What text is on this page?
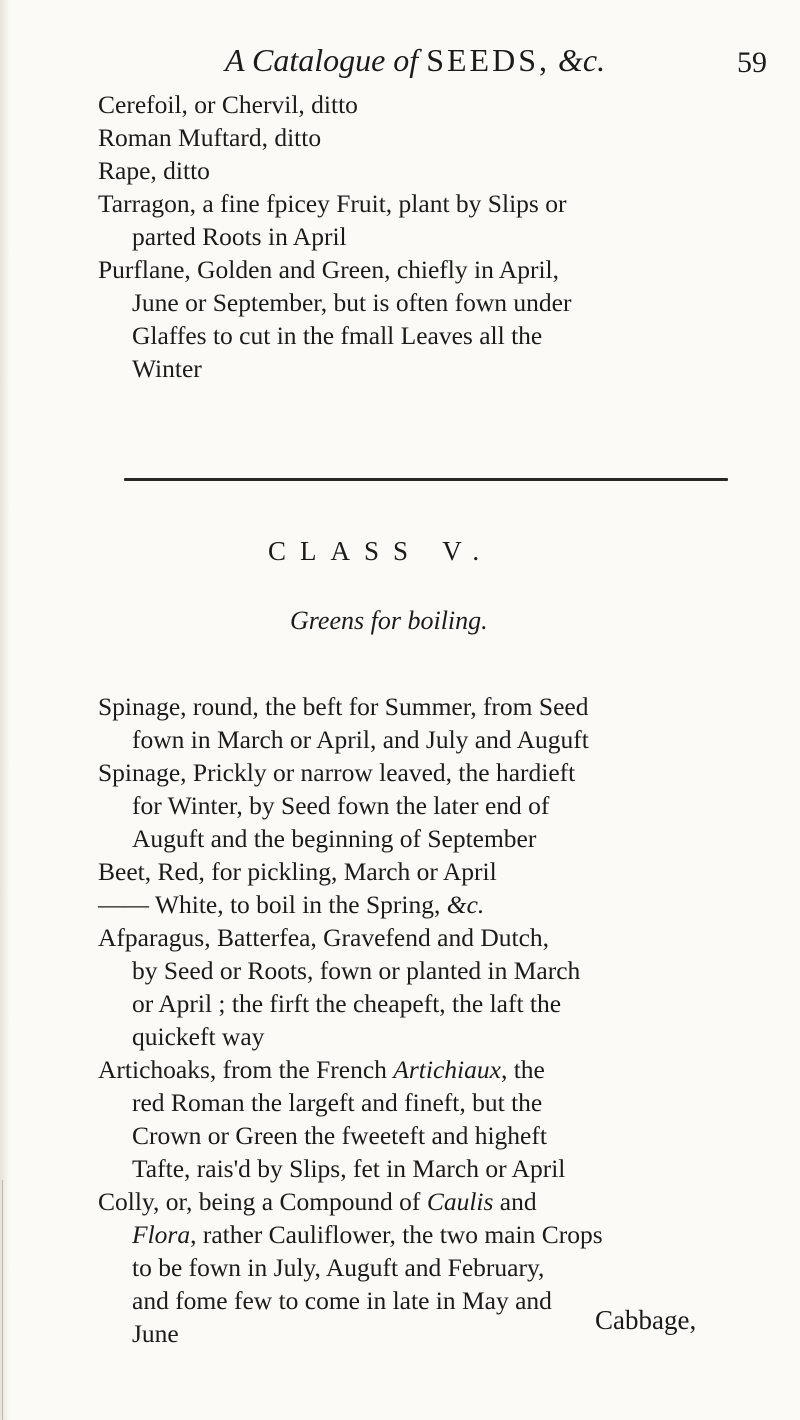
A Catalogue of SEEDS, &c.	59
Cerefoil, or Chervil, ditto
Roman Muftard, ditto
Rape, ditto
Tarragon, a fine fpicey Fruit, plant by Slips or
parted Roots in April
Purflane, Golden and Green, chiefly in April,
June or September, but is often fown under
Glaffes to cut in the fmall Leaves all the
Winter
CLASS V.
Greens for boiling.
Spinage, round, the beft for Summer, from Seed
fown in March or April, and July and Auguft
Spinage, Prickly or narrow leaved, the hardieft
for Winter, by Seed fown the later end of
Auguft and the beginning of September
Beet, Red, for pickling, March or April
—— White, to boil in the Spring, &c.
Afparagus, Batterfea, Gravefend and Dutch,
by Seed or Roots, fown or planted in March
or April ; the firft the cheapeft, the laft the
quickeft way
Artichoaks, from the French Artichiaux, the
red Roman the largeft and fineft, but the
Crown or Green the fweeteft and higheft
Tafte, rais'd by Slips, fet in March or April
Colly, or, being a Compound of Caulis and
Flora, rather Cauliflower, the two main Crops
to be fown in July, Auguft and February,
and fome few to come in late in May and
June	Cabbage,
